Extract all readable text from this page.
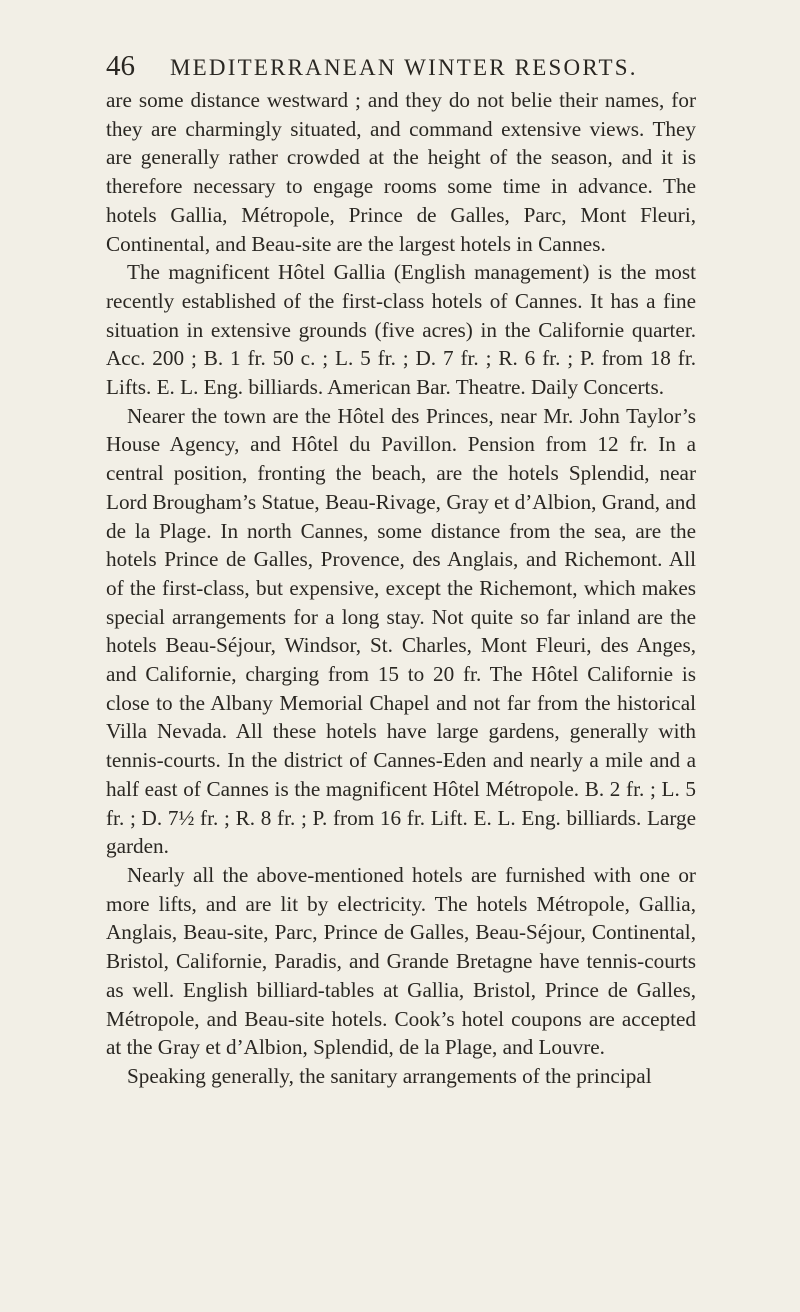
46 MEDITERRANEAN WINTER RESORTS.

are some distance westward ; and they do not belie their names, for they are charmingly situated, and command extensive views. They are generally rather crowded at the height of the season, and it is therefore necessary to engage rooms some time in advance. The hotels Gallia, Métropole, Prince de Galles, Parc, Mont Fleuri, Continental, and Beau-site are the largest hotels in Cannes.

The magnificent Hôtel Gallia (English management) is the most recently established of the first-class hotels of Cannes. It has a fine situation in extensive grounds (five acres) in the Californie quarter. Acc. 200 ; B. 1 fr. 50 c. ; L. 5 fr. ; D. 7 fr. ; R. 6 fr. ; P. from 18 fr. Lifts. E. L. Eng. billiards. American Bar. Theatre. Daily Concerts.

Nearer the town are the Hôtel des Princes, near Mr. John Taylor’s House Agency, and Hôtel du Pavillon. Pension from 12 fr. In a central position, fronting the beach, are the hotels Splendid, near Lord Brougham’s Statue, Beau-Rivage, Gray et d’Albion, Grand, and de la Plage. In north Cannes, some distance from the sea, are the hotels Prince de Galles, Provence, des Anglais, and Richemont. All of the first-class, but expensive, except the Richemont, which makes special arrangements for a long stay. Not quite so far inland are the hotels Beau-Séjour, Windsor, St. Charles, Mont Fleuri, des Anges, and Californie, charging from 15 to 20 fr. The Hôtel Californie is close to the Albany Memorial Chapel and not far from the historical Villa Nevada. All these hotels have large gardens, generally with tennis-courts. In the district of Cannes-Eden and nearly a mile and a half east of Cannes is the magnificent Hôtel Métropole. B. 2 fr. ; L. 5 fr. ; D. 7½ fr. ; R. 8 fr. ; P. from 16 fr. Lift. E. L. Eng. billiards. Large garden.

Nearly all the above-mentioned hotels are furnished with one or more lifts, and are lit by electricity. The hotels Métropole, Gallia, Anglais, Beau-site, Parc, Prince de Galles, Beau-Séjour, Continental, Bristol, Californie, Paradis, and Grande Bretagne have tennis-courts as well. English billiard-tables at Gallia, Bristol, Prince de Galles, Métropole, and Beau-site hotels. Cook’s hotel coupons are accepted at the Gray et d’Albion, Splendid, de la Plage, and Louvre.

Speaking generally, the sanitary arrangements of the principal
